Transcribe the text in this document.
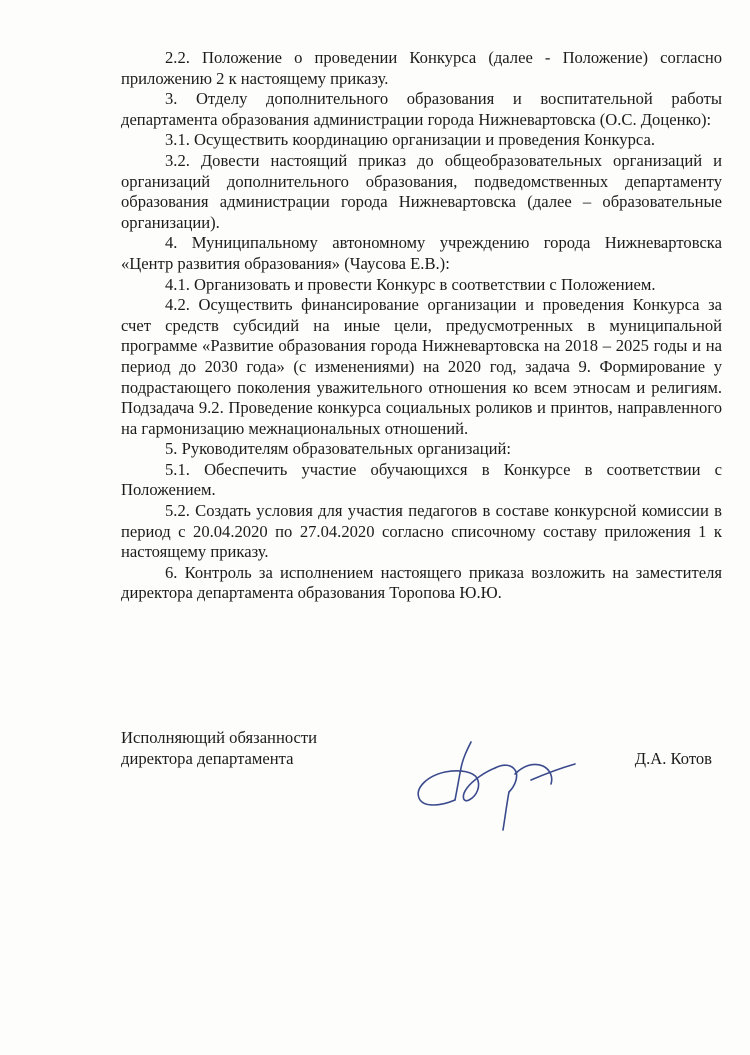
2.2. Положение о проведении Конкурса (далее - Положение) согласно приложению 2 к настоящему приказу.

3. Отделу дополнительного образования и воспитательной работы департамента образования администрации города Нижневартовска (О.С. Доценко):

3.1. Осуществить координацию организации и проведения Конкурса.

3.2. Довести настоящий приказ до общеобразовательных организаций и организаций дополнительного образования, подведомственных департаменту образования администрации города Нижневартовска (далее – образовательные организации).

4. Муниципальному автономному учреждению города Нижневартовска «Центр развития образования» (Чаусова Е.В.):

4.1. Организовать и провести Конкурс в соответствии с Положением.

4.2. Осуществить финансирование организации и проведения Конкурса за счет средств субсидий на иные цели, предусмотренных в муниципальной программе «Развитие образования города Нижневартовска на 2018 – 2025 годы и на период до 2030 года» (с изменениями) на 2020 год, задача 9. Формирование у подрастающего поколения уважительного отношения ко всем этносам и религиям. Подзадача 9.2. Проведение конкурса социальных роликов и принтов, направленного на гармонизацию межнациональных отношений.

5. Руководителям образовательных организаций:

5.1. Обеспечить участие обучающихся в Конкурсе в соответствии с Положением.

5.2. Создать условия для участия педагогов в составе конкурсной комиссии в период с 20.04.2020 по 27.04.2020 согласно списочному составу приложения 1 к настоящему приказу.

6. Контроль за исполнением настоящего приказа возложить на заместителя директора департамента образования Торопова Ю.Ю.

Исполняющий обязанности
директора департамента	Д.А. Котов
